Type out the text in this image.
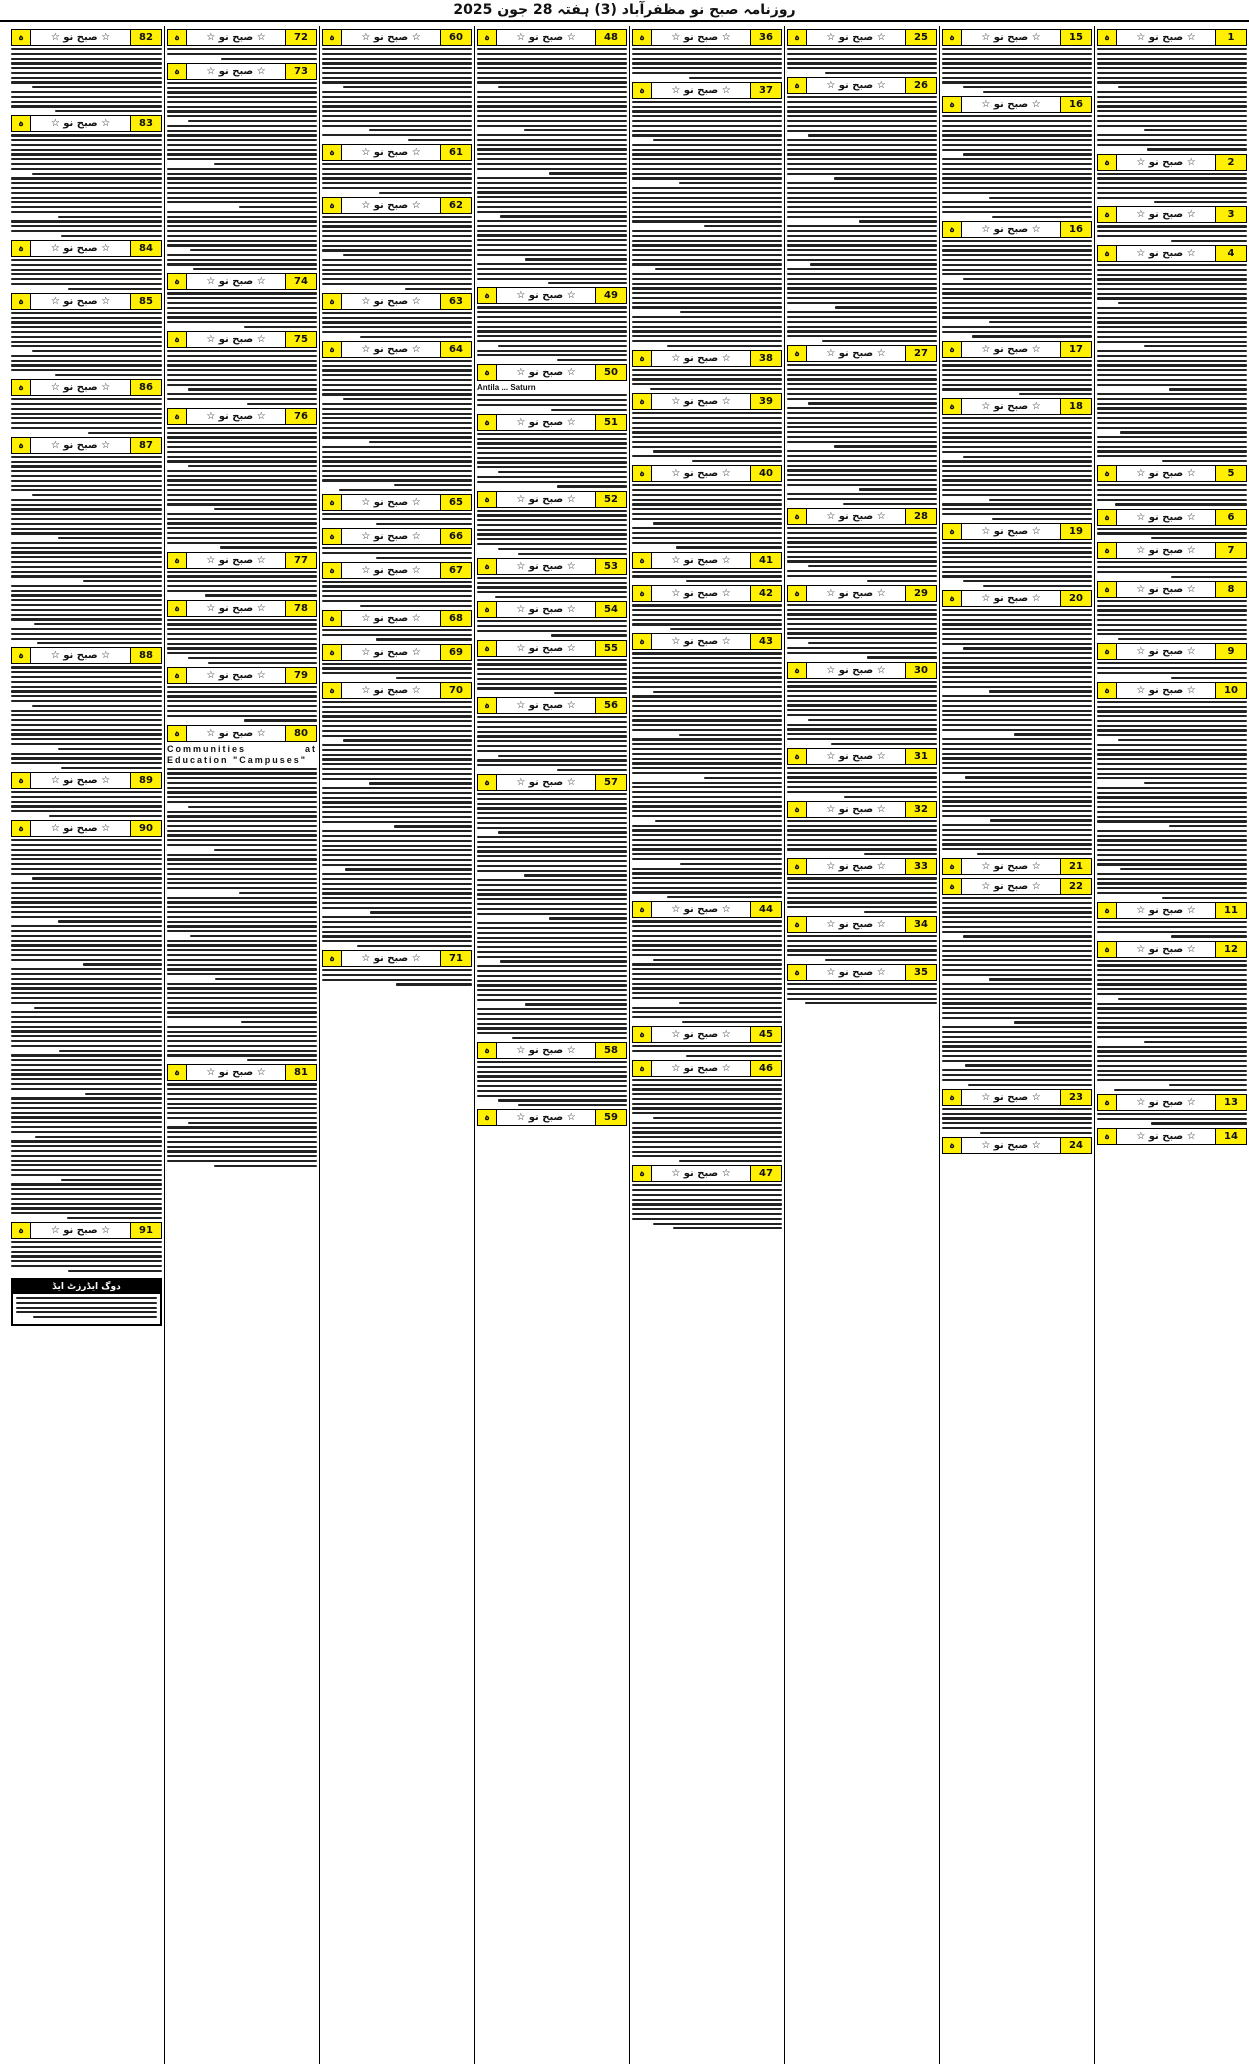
روزنامہ صبح نو مظفرآباد (3) ہفتہ 28 جون 2025
1
☆ صبح نو ☆
ہ
2
☆ صبح نو ☆
ہ
3
☆ صبح نو ☆
ہ
4
☆ صبح نو ☆
ہ
5
☆ صبح نو ☆
ہ
6
☆ صبح نو ☆
ہ
7
☆ صبح نو ☆
ہ
8
☆ صبح نو ☆
ہ
9
☆ صبح نو ☆
ہ
10
☆ صبح نو ☆
ہ
11
☆ صبح نو ☆
ہ
12
☆ صبح نو ☆
ہ
13
☆ صبح نو ☆
ہ
14
☆ صبح نو ☆
ہ
15
☆ صبح نو ☆
ہ
16
☆ صبح نو ☆
ہ
16
☆ صبح نو ☆
ہ
17
☆ صبح نو ☆
ہ
18
☆ صبح نو ☆
ہ
19
☆ صبح نو ☆
ہ
20
☆ صبح نو ☆
ہ
21
☆ صبح نو ☆
ہ
22
☆ صبح نو ☆
ہ
23
☆ صبح نو ☆
ہ
24
☆ صبح نو ☆
ہ
25
☆ صبح نو ☆
ہ
26
☆ صبح نو ☆
ہ
27
☆ صبح نو ☆
ہ
28
☆ صبح نو ☆
ہ
29
☆ صبح نو ☆
ہ
30
☆ صبح نو ☆
ہ
31
☆ صبح نو ☆
ہ
32
☆ صبح نو ☆
ہ
33
☆ صبح نو ☆
ہ
34
☆ صبح نو ☆
ہ
35
☆ صبح نو ☆
ہ
36
☆ صبح نو ☆
ہ
37
☆ صبح نو ☆
ہ
38
☆ صبح نو ☆
ہ
39
☆ صبح نو ☆
ہ
40
☆ صبح نو ☆
ہ
41
☆ صبح نو ☆
ہ
42
☆ صبح نو ☆
ہ
43
☆ صبح نو ☆
ہ
44
☆ صبح نو ☆
ہ
45
☆ صبح نو ☆
ہ
46
☆ صبح نو ☆
ہ
47
☆ صبح نو ☆
ہ
48
☆ صبح نو ☆
ہ
49
☆ صبح نو ☆
ہ
50
☆ صبح نو ☆
ہ
Antila ... Saturn
51
☆ صبح نو ☆
ہ
52
☆ صبح نو ☆
ہ
53
☆ صبح نو ☆
ہ
54
☆ صبح نو ☆
ہ
55
☆ صبح نو ☆
ہ
56
☆ صبح نو ☆
ہ
57
☆ صبح نو ☆
ہ
58
☆ صبح نو ☆
ہ
59
☆ صبح نو ☆
ہ
60
☆ صبح نو ☆
ہ
61
☆ صبح نو ☆
ہ
62
☆ صبح نو ☆
ہ
63
☆ صبح نو ☆
ہ
64
☆ صبح نو ☆
ہ
65
☆ صبح نو ☆
ہ
66
☆ صبح نو ☆
ہ
67
☆ صبح نو ☆
ہ
68
☆ صبح نو ☆
ہ
69
☆ صبح نو ☆
ہ
70
☆ صبح نو ☆
ہ
71
☆ صبح نو ☆
ہ
72
☆ صبح نو ☆
ہ
73
☆ صبح نو ☆
ہ
74
☆ صبح نو ☆
ہ
75
☆ صبح نو ☆
ہ
76
☆ صبح نو ☆
ہ
77
☆ صبح نو ☆
ہ
78
☆ صبح نو ☆
ہ
79
☆ صبح نو ☆
ہ
80
☆ صبح نو ☆
ہ
Communities at Education "Campuses"
81
☆ صبح نو ☆
ہ
82
☆ صبح نو ☆
ہ
83
☆ صبح نو ☆
ہ
84
☆ صبح نو ☆
ہ
85
☆ صبح نو ☆
ہ
86
☆ صبح نو ☆
ہ
87
☆ صبح نو ☆
ہ
88
☆ صبح نو ☆
ہ
89
☆ صبح نو ☆
ہ
90
☆ صبح نو ☆
ہ
91
☆ صبح نو ☆
ہ
دوگ ایڈرزٹ ایڈ
